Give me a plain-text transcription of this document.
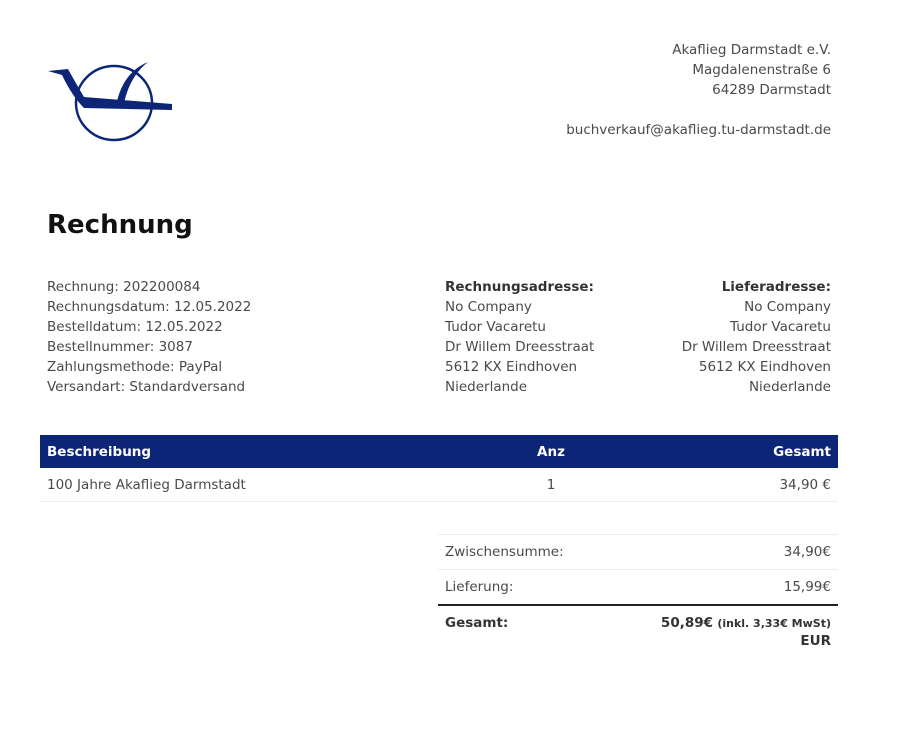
Akaflieg Darmstadt e.V.
Magdalenenstraße 6
64289 Darmstadt
buchverkauf@akaflieg.tu-darmstadt.de
Rechnung
Rechnung: 202200084
Rechnungsdatum: 12.05.2022
Bestelldatum: 12.05.2022
Bestellnummer: 3087
Zahlungsmethode: PayPal
Versandart: Standardversand
Rechnungsadresse:
No Company
Tudor Vacaretu
Dr Willem Dreesstraat
5612 KX Eindhoven
Niederlande
Lieferadresse:
No Company
Tudor Vacaretu
Dr Willem Dreesstraat
5612 KX Eindhoven
Niederlande
Beschreibung	Anz	Gesamt
100 Jahre Akaflieg Darmstadt	1	34,90 €
Zwischensumme:	34,90€
Lieferung:	15,99€
Gesamt:	50,89€ (inkl. 3,33€ MwSt)
EUR
